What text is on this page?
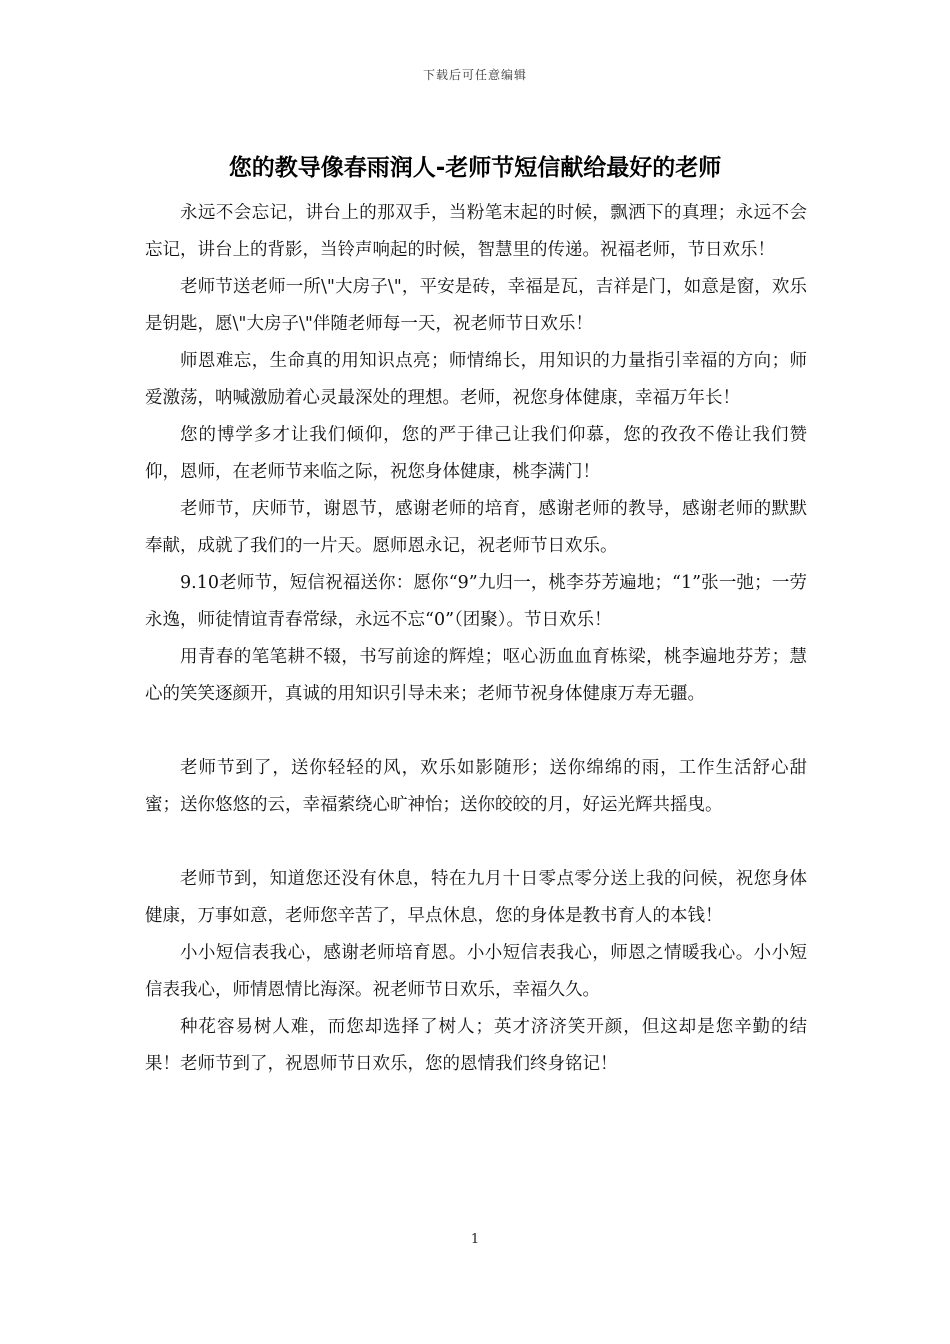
下载后可任意编辑
您的教导像春雨润人-老师节短信献给最好的老师

永远不会忘记，讲台上的那双手，当粉笔末起的时候，飘洒下的真理；永远不会忘记，讲台上的背影，当铃声响起的时候，智慧里的传递。祝福老师，节日欢乐！

老师节送老师一所\"大房子\"，平安是砖，幸福是瓦，吉祥是门，如意是窗，欢乐是钥匙，愿\"大房子\"伴随老师每一天，祝老师节日欢乐！

师恩难忘，生命真的用知识点亮；师情绵长，用知识的力量指引幸福的方向；师爱激荡，呐喊激励着心灵最深处的理想。老师，祝您身体健康，幸福万年长！

您的博学多才让我们倾仰，您的严于律己让我们仰慕，您的孜孜不倦让我们赞仰，恩师，在老师节来临之际，祝您身体健康，桃李满门！

老师节，庆师节，谢恩节，感谢老师的培育，感谢老师的教导，感谢老师的默默奉献，成就了我们的一片天。愿师恩永记，祝老师节日欢乐。

9.10老师节，短信祝福送你：愿你“9”九归一，桃李芬芳遍地；“1”张一弛；一劳永逸，师徒情谊青春常绿，永远不忘“0”（团聚）。节日欢乐！

用青春的笔笔耕不辍，书写前途的辉煌；呕心沥血血育栋梁，桃李遍地芬芳；慧心的笑笑逐颜开，真诚的用知识引导未来；老师节祝身体健康万寿无疆。

老师节到了，送你轻轻的风，欢乐如影随形；送你绵绵的雨，工作生活舒心甜蜜；送你悠悠的云，幸福萦绕心旷神怡；送你皎皎的月，好运光辉共摇曳。

老师节到，知道您还没有休息，特在九月十日零点零分送上我的问候，祝您身体健康，万事如意，老师您辛苦了，早点休息，您的身体是教书育人的本钱！

小小短信表我心，感谢老师培育恩。小小短信表我心，师恩之情暖我心。小小短信表我心，师情恩情比海深。祝老师节日欢乐，幸福久久。

种花容易树人难，而您却选择了树人；英才济济笑开颜，但这却是您辛勤的结果！老师节到了，祝恩师节日欢乐，您的恩情我们终身铭记！

1
